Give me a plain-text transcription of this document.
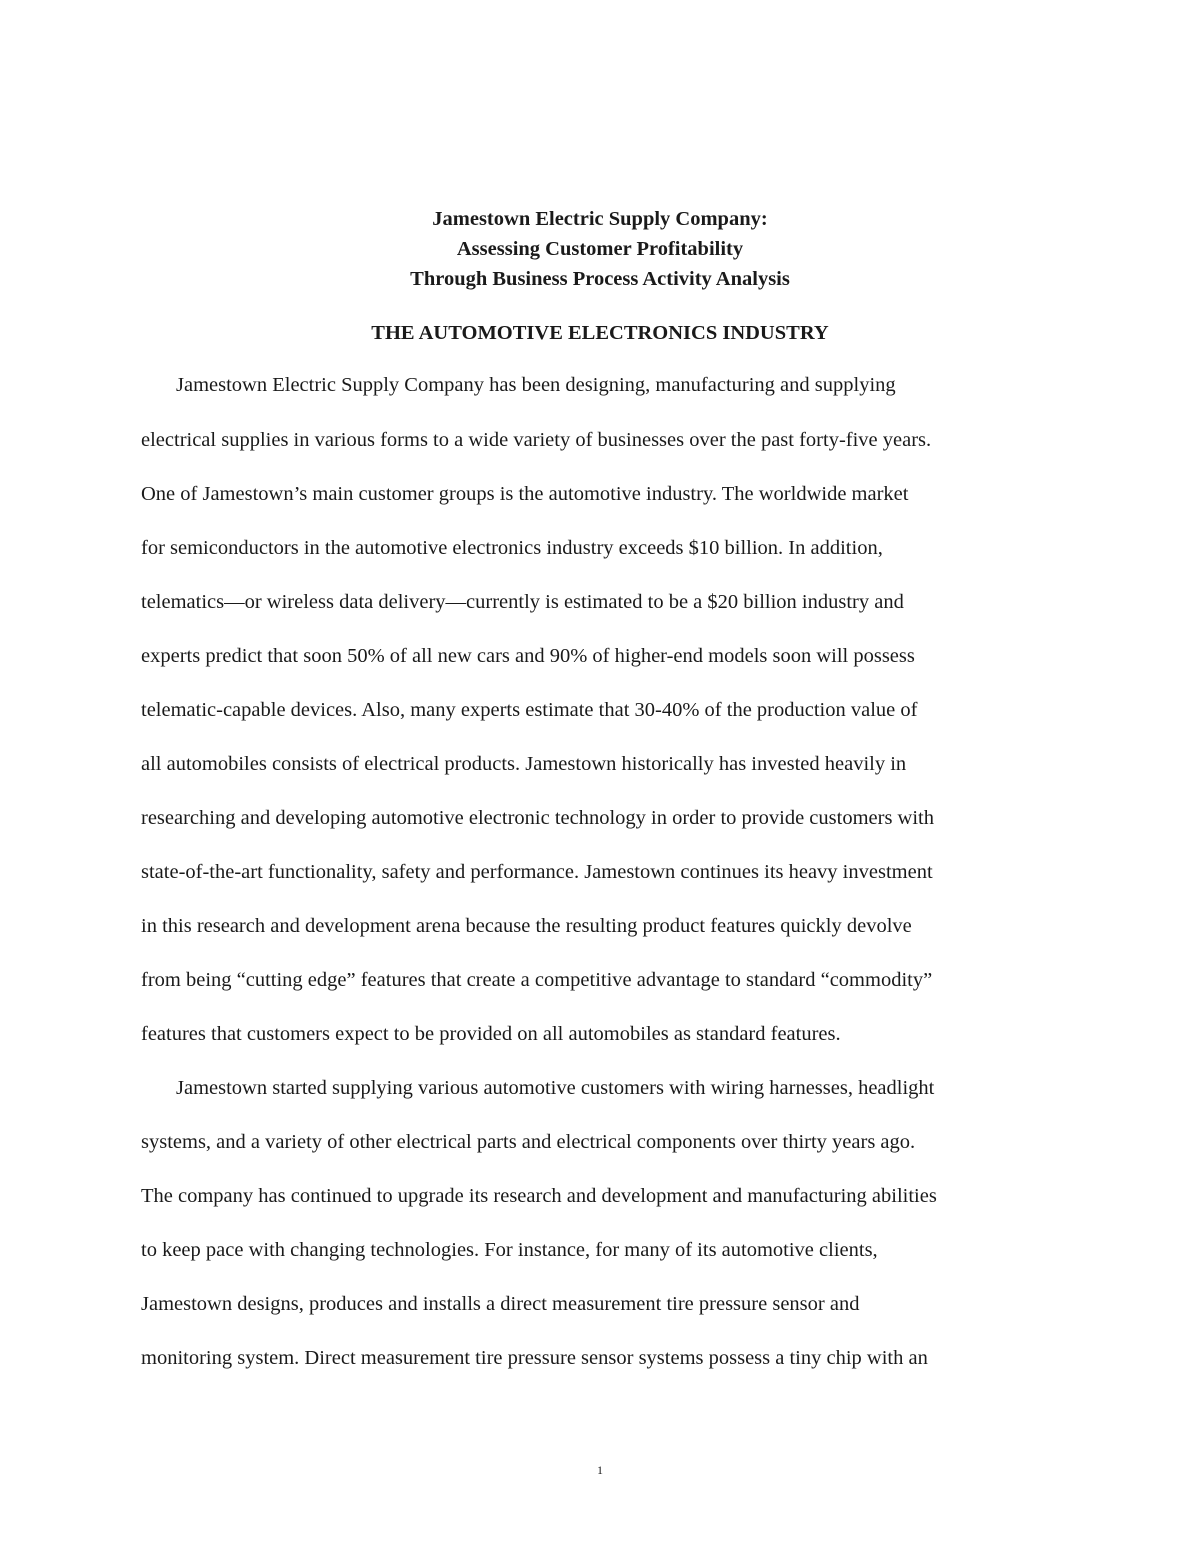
Jamestown Electric Supply Company:
Assessing Customer Profitability
Through Business Process Activity Analysis
THE AUTOMOTIVE ELECTRONICS INDUSTRY
Jamestown Electric Supply Company has been designing, manufacturing and supplying
electrical supplies in various forms to a wide variety of businesses over the past forty-five years.
One of Jamestown’s main customer groups is the automotive industry. The worldwide market
for semiconductors in the automotive electronics industry exceeds $10 billion. In addition,
telematics—or wireless data delivery—currently is estimated to be a $20 billion industry and
experts predict that soon 50% of all new cars and 90% of higher-end models soon will possess
telematic-capable devices. Also, many experts estimate that 30-40% of the production value of
all automobiles consists of electrical products. Jamestown historically has invested heavily in
researching and developing automotive electronic technology in order to provide customers with
state-of-the-art functionality, safety and performance. Jamestown continues its heavy investment
in this research and development arena because the resulting product features quickly devolve
from being “cutting edge” features that create a competitive advantage to standard “commodity”
features that customers expect to be provided on all automobiles as standard features.
Jamestown started supplying various automotive customers with wiring harnesses, headlight
systems, and a variety of other electrical parts and electrical components over thirty years ago.
The company has continued to upgrade its research and development and manufacturing abilities
to keep pace with changing technologies. For instance, for many of its automotive clients,
Jamestown designs, produces and installs a direct measurement tire pressure sensor and
monitoring system. Direct measurement tire pressure sensor systems possess a tiny chip with an
1
